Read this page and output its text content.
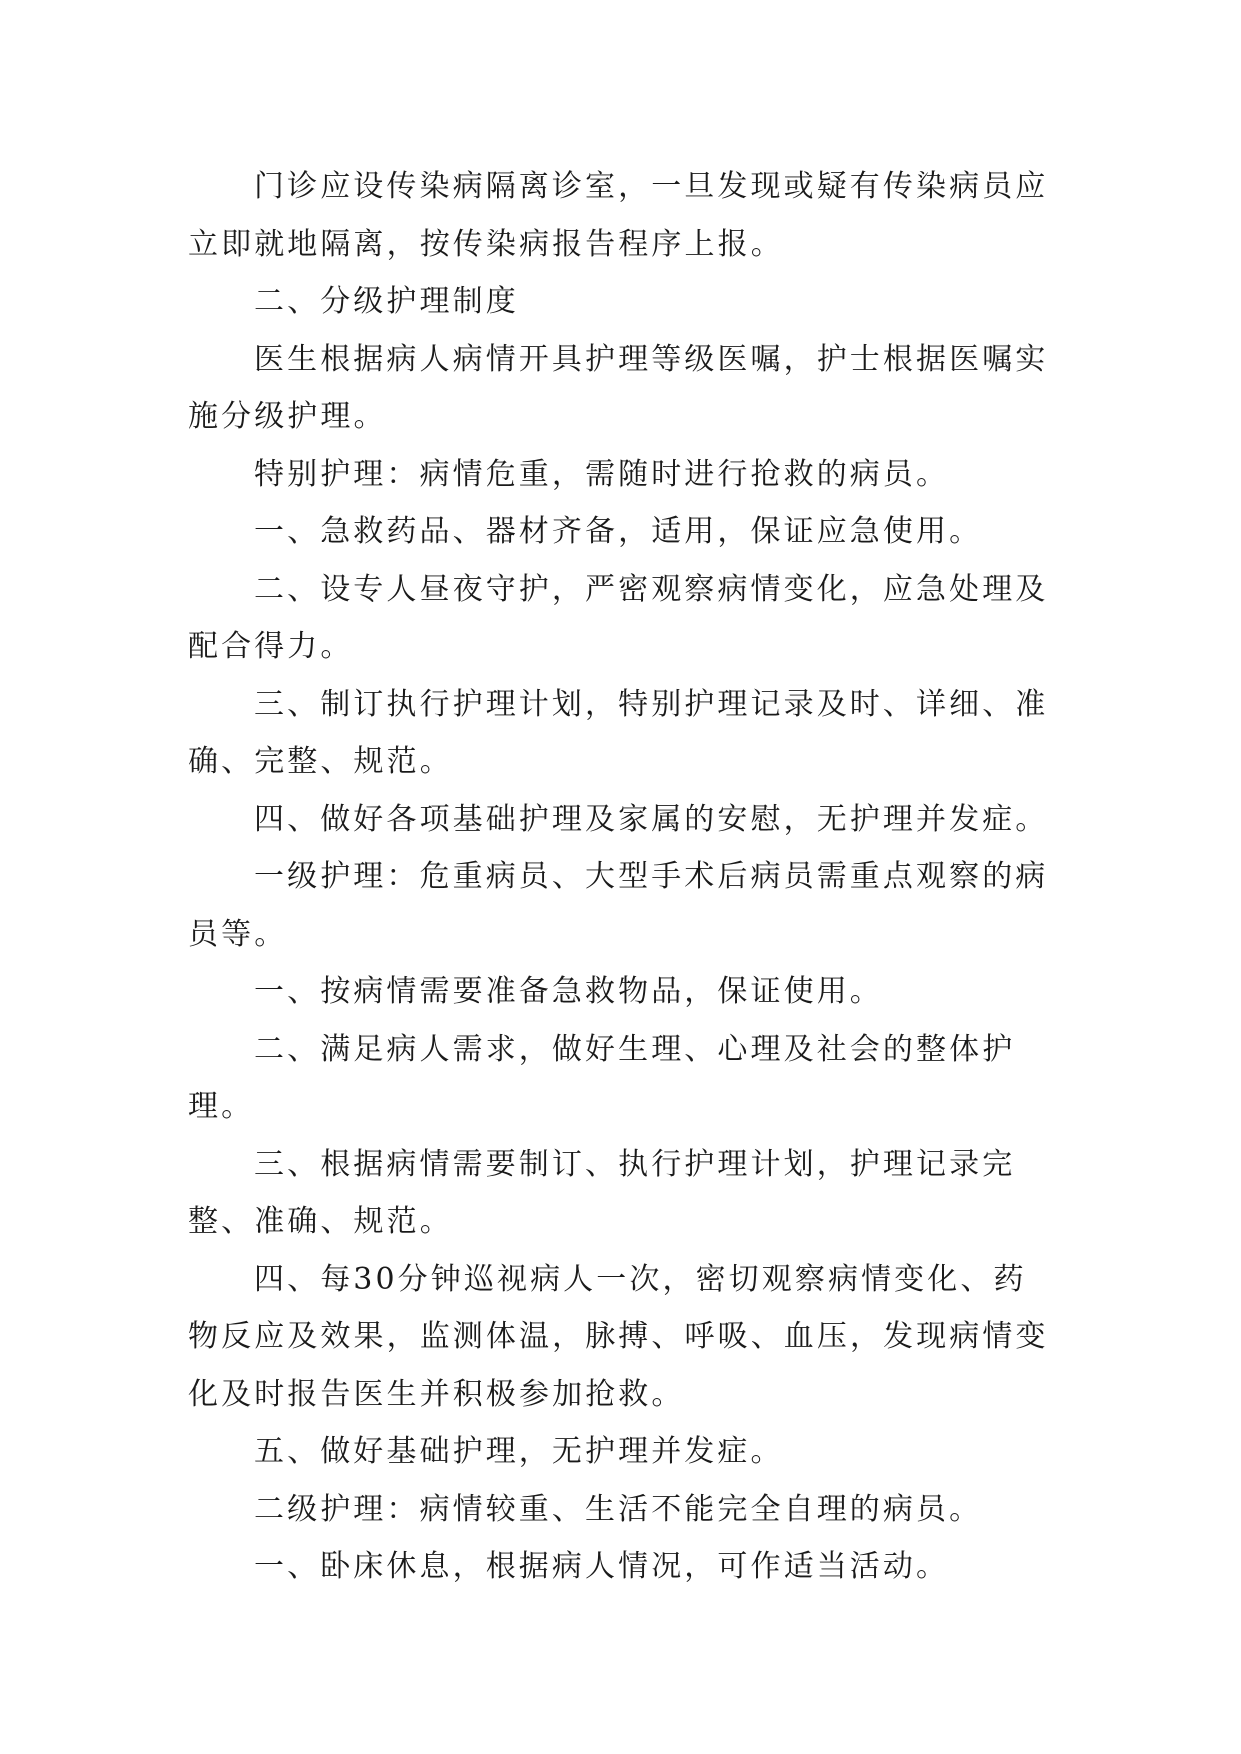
门诊应设传染病隔离诊室，一旦发现或疑有传染病员应立即就地隔离，按传染病报告程序上报。

二、分级护理制度

医生根据病人病情开具护理等级医嘱，护士根据医嘱实施分级护理。

特别护理：病情危重，需随时进行抢救的病员。

一、急救药品、器材齐备，适用，保证应急使用。

二、设专人昼夜守护，严密观察病情变化，应急处理及配合得力。

三、制订执行护理计划，特别护理记录及时、详细、准确、完整、规范。

四、做好各项基础护理及家属的安慰，无护理并发症。

一级护理：危重病员、大型手术后病员需重点观察的病员等。

一、按病情需要准备急救物品，保证使用。

二、满足病人需求，做好生理、心理及社会的整体护理。

三、根据病情需要制订、执行护理计划，护理记录完整、准确、规范。

四、每30分钟巡视病人一次，密切观察病情变化、药物反应及效果，监测体温，脉搏、呼吸、血压，发现病情变化及时报告医生并积极参加抢救。

五、做好基础护理，无护理并发症。

二级护理：病情较重、生活不能完全自理的病员。

一、卧床休息，根据病人情况，可作适当活动。
